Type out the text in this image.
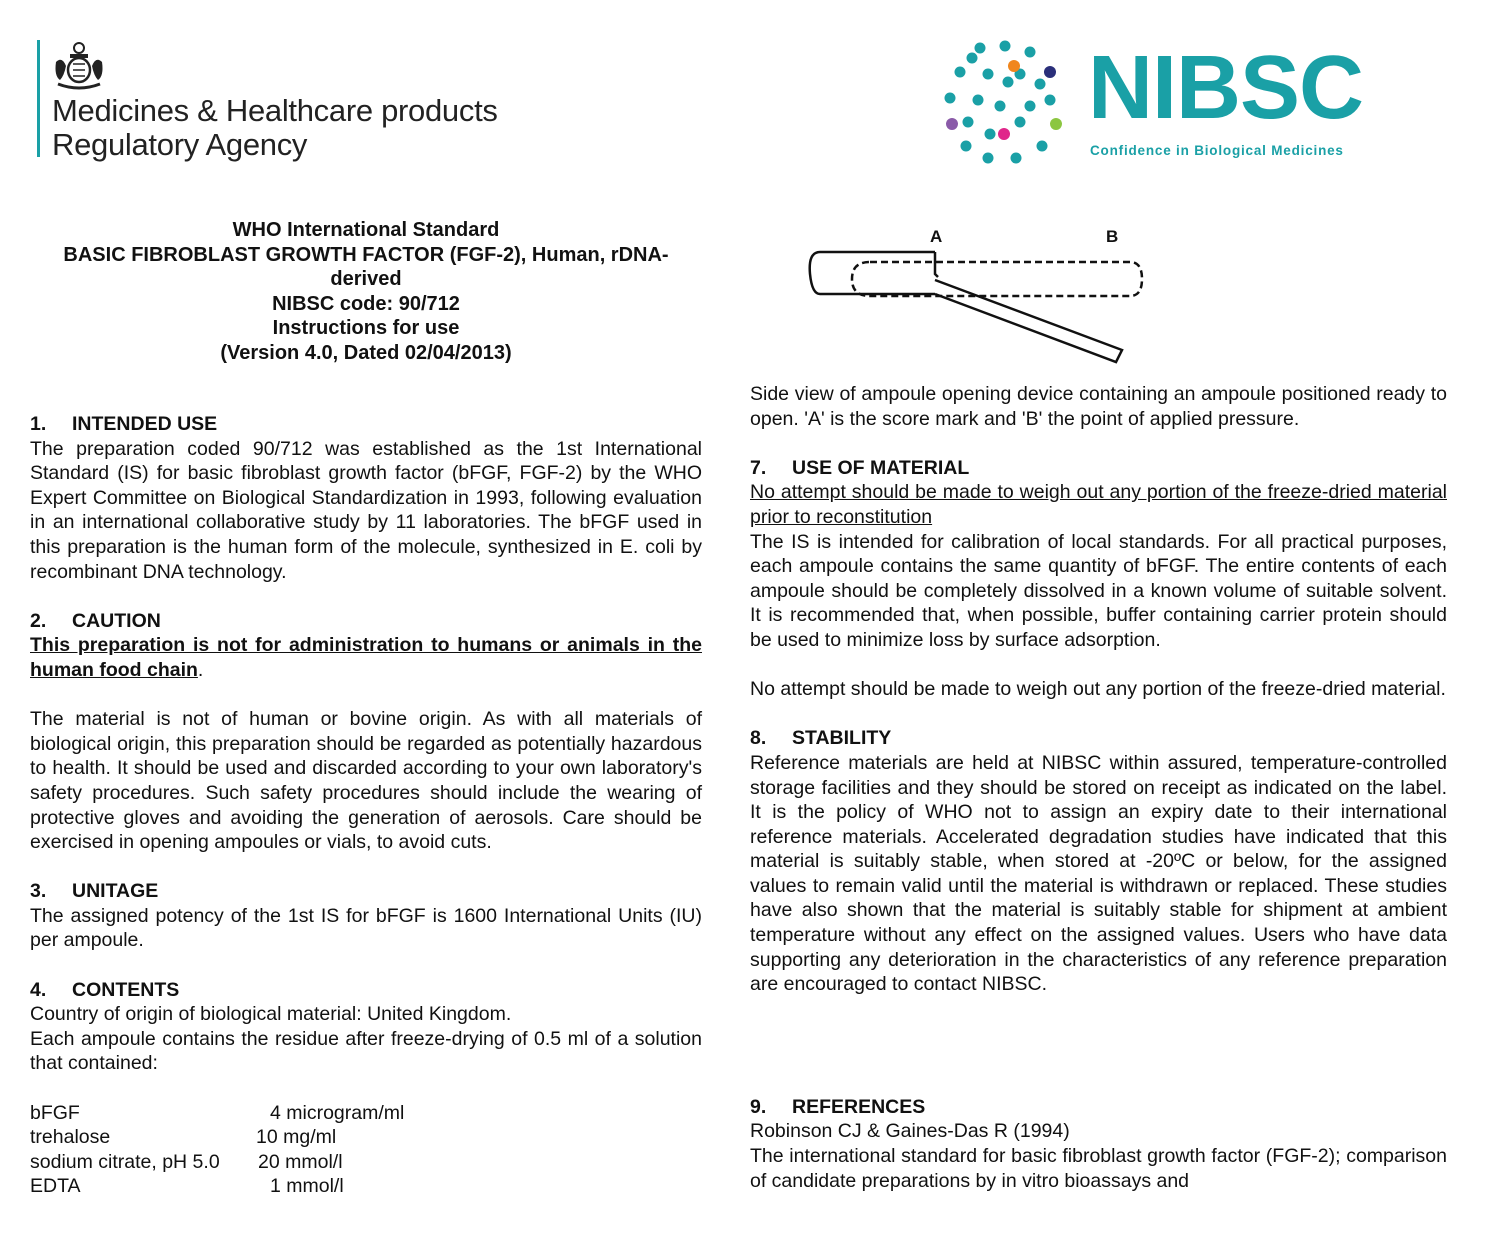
Medicines & Healthcare products
Regulatory Agency
NIBSC
Confidence in Biological Medicines
WHO International Standard
BASIC FIBROBLAST GROWTH FACTOR (FGF-2), Human, rDNA-derived
NIBSC code: 90/712
Instructions for use
(Version 4.0, Dated 02/04/2013)
1. INTENDED USE

The preparation coded 90/712 was established as the 1st International Standard (IS) for basic fibroblast growth factor (bFGF, FGF-2) by the WHO Expert Committee on Biological Standardization in 1993, following evaluation in an international collaborative study by 11 laboratories. The bFGF used in this preparation is the human form of the molecule, synthesized in E. coli by recombinant DNA technology.

2. CAUTION

This preparation is not for administration to humans or animals in the human food chain.

The material is not of human or bovine origin. As with all materials of biological origin, this preparation should be regarded as potentially hazardous to health. It should be used and discarded according to your own laboratory's safety procedures. Such safety procedures should include the wearing of protective gloves and avoiding the generation of aerosols. Care should be exercised in opening ampoules or vials, to avoid cuts.

3. UNITAGE

The assigned potency of the 1st IS for bFGF is 1600 International Units (IU) per ampoule.

4. CONTENTS

Country of origin of biological material: United Kingdom.

Each ampoule contains the residue after freeze-drying of 0.5 ml of a solution that contained:

bFGF	4 microgram/ml
trehalose	10 mg/ml
sodium citrate, pH 5.0	20 mmol/l
EDTA	1 mmol/l
A	B

Side view of ampoule opening device containing an ampoule positioned ready to open. 'A' is the score mark and 'B' the point of applied pressure.

7. USE OF MATERIAL

No attempt should be made to weigh out any portion of the freeze-dried material prior to reconstitution

The IS is intended for calibration of local standards. For all practical purposes, each ampoule contains the same quantity of bFGF. The entire contents of each ampoule should be completely dissolved in a known volume of suitable solvent. It is recommended that, when possible, buffer containing carrier protein should be used to minimize loss by surface adsorption.

No attempt should be made to weigh out any portion of the freeze-dried material.

8. STABILITY

Reference materials are held at NIBSC within assured, temperature-controlled storage facilities and they should be stored on receipt as indicated on the label. It is the policy of WHO not to assign an expiry date to their international reference materials. Accelerated degradation studies have indicated that this material is suitably stable, when stored at -20ºC or below, for the assigned values to remain valid until the material is withdrawn or replaced. These studies have also shown that the material is suitably stable for shipment at ambient temperature without any effect on the assigned values. Users who have data supporting any deterioration in the characteristics of any reference preparation are encouraged to contact NIBSC.

9. REFERENCES

Robinson CJ & Gaines-Das R (1994)

The international standard for basic fibroblast growth factor (FGF-2); comparison of candidate preparations by in vitro bioassays and
